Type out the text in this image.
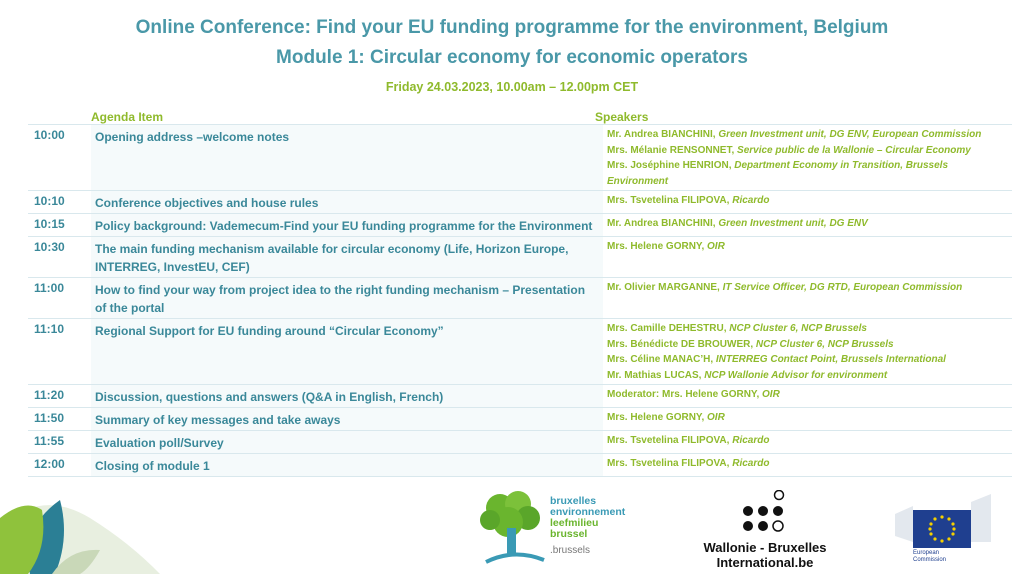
Online Conference: Find your EU funding programme for the environment, Belgium
Module 1: Circular economy for economic operators
Friday 24.03.2023, 10.00am – 12.00pm CET
Agenda Item	Speakers
10:00	Opening address –welcome notes	Mr. Andrea BIANCHINI, Green Investment unit, DG ENV, European Commission
Mrs. Mélanie RENSONNET, Service public de la Wallonie – Circular Economy
Mrs. Joséphine HENRION, Department Economy in Transition, Brussels
Environment

10:10	Conference objectives and house rules	Mrs. Tsvetelina FILIPOVA, Ricardo

10:15	Policy background: Vademecum-Find your EU funding programme for the Environment	Mr. Andrea BIANCHINI, Green Investment unit, DG ENV

10:30	The main funding mechanism available for circular economy (Life, Horizon Europe, INTERREG, InvestEU, CEF)	Mrs. Helene GORNY, OIR

11:00	How to find your way from project idea to the right funding mechanism – Presentation of the portal	Mr. Olivier MARGANNE, IT Service Officer, DG RTD, European Commission

11:10	Regional Support for EU funding around “Circular Economy”	Mrs. Camille DEHESTRU, NCP Cluster 6, NCP Brussels
Mrs. Bénédicte DE BROUWER, NCP Cluster 6, NCP Brussels
Mrs. Céline MANAC’H, INTERREG Contact Point, Brussels International
Mr. Mathias LUCAS, NCP Wallonie Advisor for environment

11:20	Discussion, questions and answers (Q&A in English, French)	Moderator: Mrs. Helene GORNY, OIR

11:50	Summary of key messages and take aways	Mrs. Helene GORNY, OIR

11:55	Evaluation poll/Survey	Mrs. Tsvetelina FILIPOVA, Ricardo

12:00	Closing of module 1	Mrs. Tsvetelina FILIPOVA, Ricardo
bruxelles
environnement
leefmilieu
brussel
.brussels	Wallonie - Bruxelles
International.be
European
Commission
